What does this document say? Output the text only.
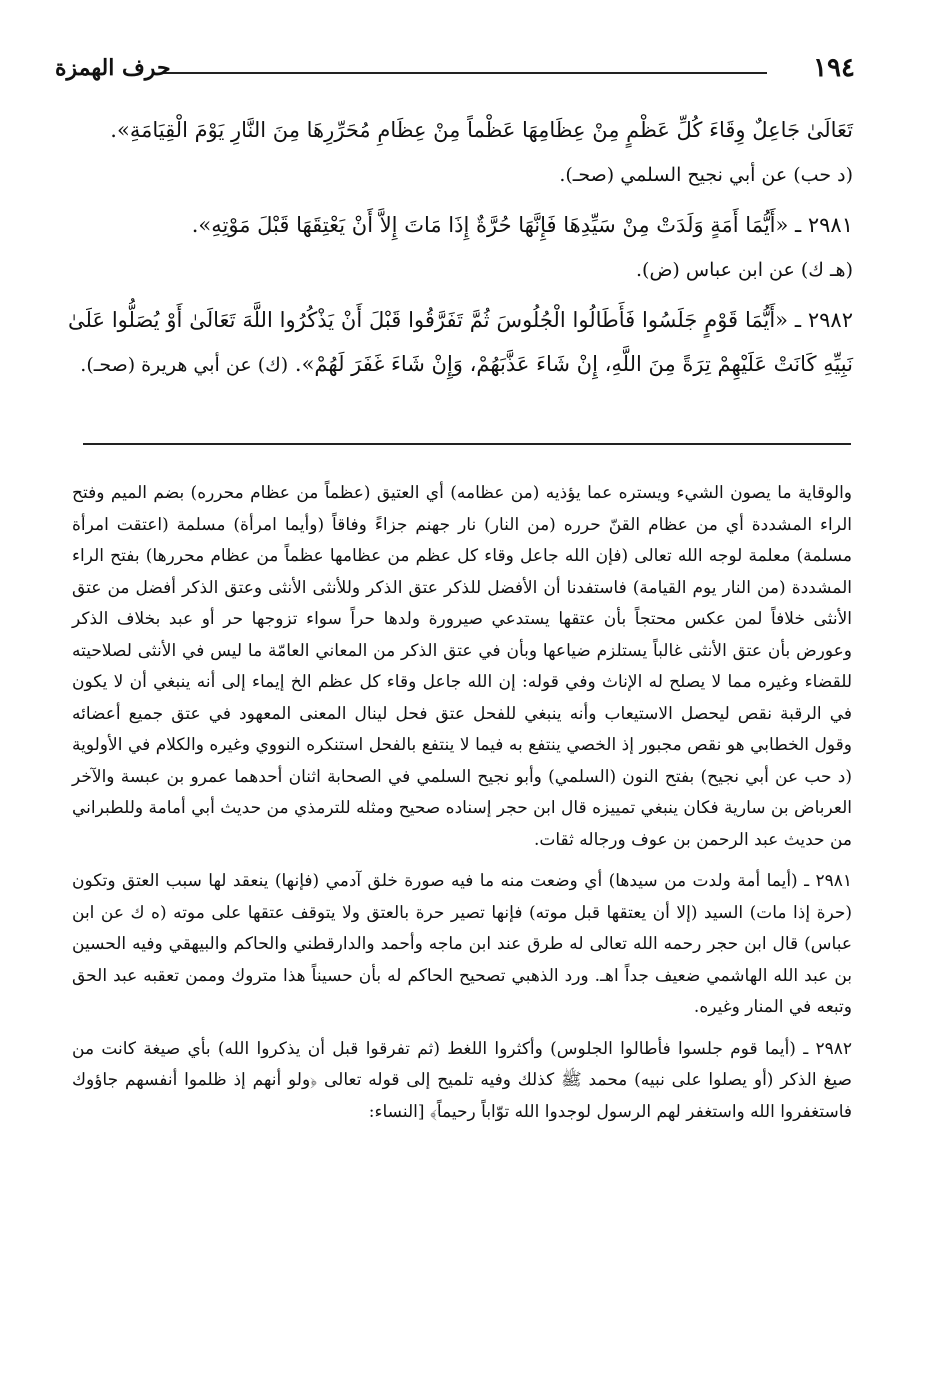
١٩٤
حرف الهمزة

تَعَالَىٰ جَاعِلٌ وِقَاءَ كُلِّ عَظْمٍ مِنْ عِظَامِهَا عَظْماً مِنْ عِظَامِ مُحَرِّرِهَا مِنَ النَّارِ يَوْمَ الْقِيَامَةِ».
(د حب) عن أبي نجيح السلمي (صحـ).

٢٩٨١ ـ «أَيُّمَا أَمَةٍ وَلَدَتْ مِنْ سَيِّدِهَا فَإِنَّهَا حُرَّةٌ إِذَا مَاتَ إِلاَّ أَنْ يَعْتِقَهَا قَبْلَ مَوْتِهِ».
(هـ ك) عن ابن عباس (ض).

٢٩٨٢ ـ «أَيُّمَا قَوْمٍ جَلَسُوا فَأَطَالُوا الْجُلُوسَ ثُمَّ تَفَرَّقُوا قَبْلَ أَنْ يَذْكُرُوا اللَّهَ تَعَالَىٰ أَوْ يُصَلُّوا عَلَىٰ نَبِيِّهِ كَانَتْ عَلَيْهِمْ تِرَةً مِنَ اللَّهِ، إِنْ شَاءَ عَذَّبَهُمْ، وَإِنْ شَاءَ غَفَرَ لَهُمْ». (ك) عن أبي هريرة (صحـ).

والوقاية ما يصون الشيء ويستره عما يؤذيه (من عظامه) أي العتيق (عظماً من عظام محرره) بضم الميم وفتح الراء المشددة أي من عظام القنّ حرره (من النار) نار جهنم جزاءً وفاقاً (وأيما امرأة) مسلمة (اعتقت امرأة مسلمة) معلمة لوجه الله تعالى (فإن الله جاعل وقاء كل عظم من عظامها عظماً من عظام محررها) بفتح الراء المشددة (من النار يوم القيامة) فاستفدنا أن الأفضل للذكر عتق الذكر وللأنثى الأنثى وعتق الذكر أفضل من عتق الأنثى خلافاً لمن عكس محتجاً بأن عتقها يستدعي صيرورة ولدها حراً سواء تزوجها حر أو عبد بخلاف الذكر وعورض بأن عتق الأنثى غالباً يستلزم ضياعها وبأن في عتق الذكر من المعاني العامّة ما ليس في الأنثى لصلاحيته للقضاء وغيره مما لا يصلح له الإناث وفي قوله: إن الله جاعل وقاء كل عظم الخ إيماء إلى أنه ينبغي أن لا يكون في الرقبة نقص ليحصل الاستيعاب وأنه ينبغي للفحل عتق فحل لينال المعنى المعهود في عتق جميع أعضائه وقول الخطابي هو نقص مجبور إذ الخصي ينتفع به فيما لا ينتفع بالفحل استنكره النووي وغيره والكلام في الأولوية (د حب عن أبي نجيح) بفتح النون (السلمي) وأبو نجيح السلمي في الصحابة اثنان أحدهما عمرو بن عبسة والآخر العرباض بن سارية فكان ينبغي تمييزه قال ابن حجر إسناده صحيح ومثله للترمذي من حديث أبي أمامة وللطبراني من حديث عبد الرحمن بن عوف ورجاله ثقات.

٢٩٨١ ـ (أيما أمة ولدت من سيدها) أي وضعت منه ما فيه صورة خلق آدمي (فإنها) ينعقد لها سبب العتق وتكون (حرة إذا مات) السيد (إلا أن يعتقها قبل موته) فإنها تصير حرة بالعتق ولا يتوقف عتقها على موته (ه ك عن ابن عباس) قال ابن حجر رحمه الله تعالى له طرق عند ابن ماجه وأحمد والدارقطني والحاكم والبيهقي وفيه الحسين بن عبد الله الهاشمي ضعيف جداً اهـ. ورد الذهبي تصحيح الحاكم له بأن حسيناً هذا متروك وممن تعقبه عبد الحق وتبعه في المنار وغيره.

٢٩٨٢ ـ (أيما قوم جلسوا فأطالوا الجلوس) وأكثروا اللغط (ثم تفرقوا قبل أن يذكروا الله) بأي صيغة كانت من صيغ الذكر (أو يصلوا على نبيه) محمد ﷺ كذلك وفيه تلميح إلى قوله تعالى ﴿ولو أنهم إذ ظلموا أنفسهم جاؤوك فاستغفروا الله واستغفر لهم الرسول لوجدوا الله توّاباً رحيماً﴾ [النساء:
